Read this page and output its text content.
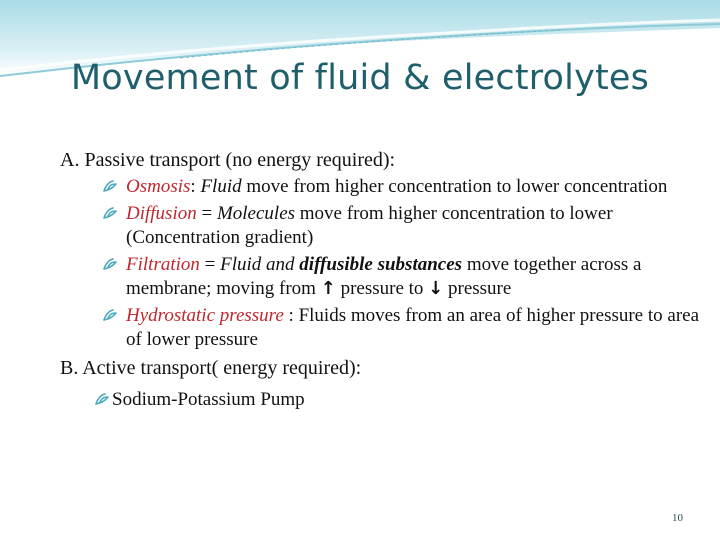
Movement of fluid & electrolytes

A. Passive transport (no energy required):

Osmosis: Fluid move from higher concentration to lower concentration
Diffusion = Molecules move from higher concentration to lower (Concentration gradient)
Filtration = Fluid and diffusible substances move together across a membrane; moving from ↑ pressure to ↓ pressure
Hydrostatic pressure : Fluids moves from an area of higher pressure to area of lower pressure

B. Active transport( energy required):

Sodium-Potassium Pump
10
